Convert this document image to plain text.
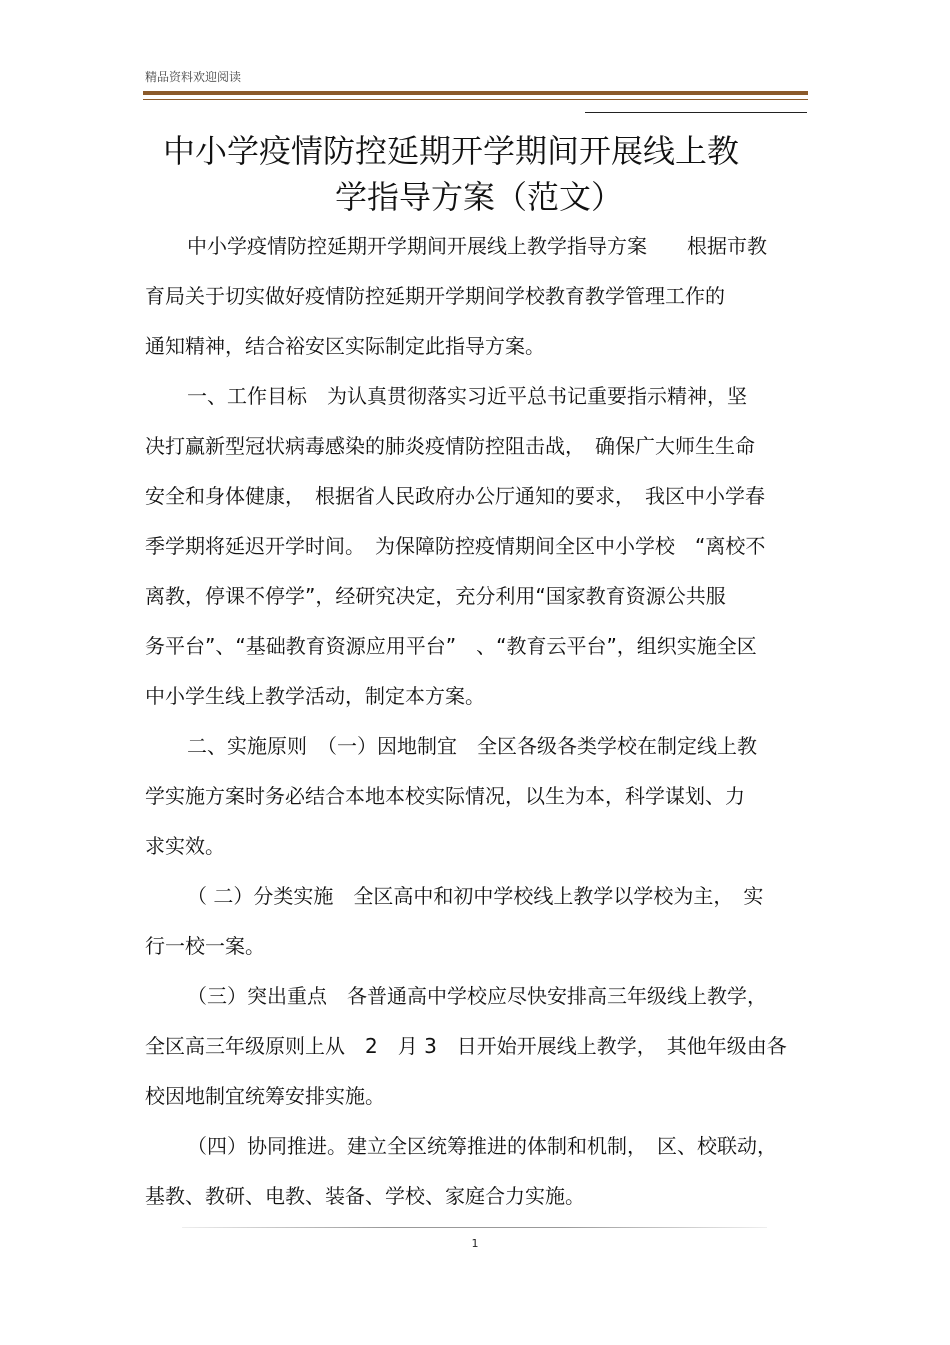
精品资料欢迎阅读
中小学疫情防控延期开学期间开展线上教
学指导方案（范文）
中小学疫情防控延期开学期间开展线上教学指导方案　　根据市教
育局关于切实做好疫情防控延期开学期间学校教育教学管理工作的
通知精神，结合裕安区实际制定此指导方案。
一、工作目标　为认真贯彻落实习近平总书记重要指示精神，坚
决打赢新型冠状病毒感染的肺炎疫情防控阻击战，　确保广大师生生命
安全和身体健康，　根据省人民政府办公厅通知的要求，　我区中小学春
季学期将延迟开学时间。　为保障防控疫情期间全区中小学校　“离校不
离教，停课不停学”，经研究决定，充分利用“国家教育资源公共服
务平台”、“基础教育资源应用平台”　、“教育云平台”，组织实施全区
中小学生线上教学活动，制定本方案。
二、实施原则　（一）因地制宜　全区各级各类学校在制定线上教
学实施方案时务必结合本地本校实际情况，以生为本，科学谋划、力
求实效。
（ 二）分类实施　全区高中和初中学校线上教学以学校为主，　实
行一校一案。
（三）突出重点　各普通高中学校应尽快安排高三年级线上教学，
全区高三年级原则上从　2　月 3　日开始开展线上教学，　其他年级由各
校因地制宜统筹安排实施。
（四）协同推进。建立全区统筹推进的体制和机制，　区、校联动，
基教、教研、电教、装备、学校、家庭合力实施。
1
